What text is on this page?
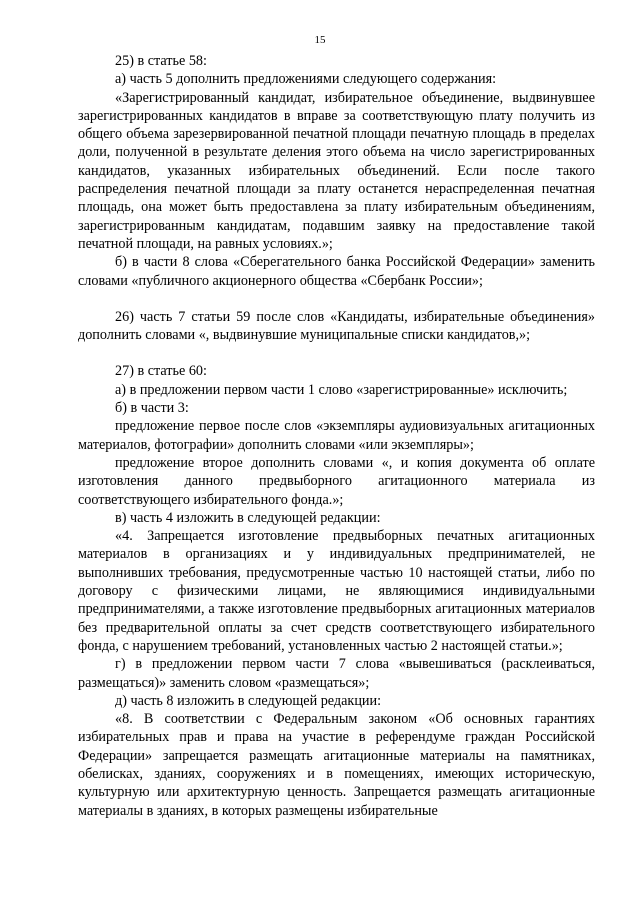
15

25) в статье 58:

а) часть 5 дополнить предложениями следующего содержания:

«Зарегистрированный кандидат, избирательное объединение, выдвинувшее зарегистрированных кандидатов в вправе за соответствующую плату получить из общего объема зарезервированной печатной площади печатную площадь в пределах доли, полученной в результате деления этого объема на число зарегистрированных кандидатов, указанных избирательных объединений. Если после такого распределения печатной площади за плату останется нераспределенная печатная площадь, она может быть предоставлена за плату избирательным объединениям, зарегистрированным кандидатам, подавшим заявку на предоставление такой печатной площади, на равных условиях.»;

б) в части 8 слова «Сберегательного банка Российской Федерации» заменить словами «публичного акционерного общества «Сбербанк России»;

26) часть 7 статьи 59 после слов «Кандидаты, избирательные объединения» дополнить словами «, выдвинувшие муниципальные списки кандидатов,»;

27) в статье 60:

а) в предложении первом части 1 слово «зарегистрированные» исключить;

б) в части 3:

предложение первое после слов «экземпляры аудиовизуальных агитационных материалов, фотографии» дополнить словами «или экземпляры»;

предложение второе дополнить словами «, и копия документа об оплате изготовления данного предвыборного агитационного материала из соответствующего избирательного фонда.»;

в) часть 4 изложить в следующей редакции:

«4. Запрещается изготовление предвыборных печатных агитационных материалов в организациях и у индивидуальных предпринимателей, не выполнивших требования, предусмотренные частью 10 настоящей статьи, либо по договору с физическими лицами, не являющимися индивидуальными предпринимателями, а также изготовление предвыборных агитационных материалов без предварительной оплаты за счет средств соответствующего избирательного фонда, с нарушением требований, установленных частью 2 настоящей статьи.»;

г) в предложении первом части 7 слова «вывешиваться (расклеиваться, размещаться)» заменить словом «размещаться»;

д) часть 8 изложить в следующей редакции:

«8. В соответствии с Федеральным законом «Об основных гарантиях избирательных прав и права на участие в референдуме граждан Российской Федерации» запрещается размещать агитационные материалы на памятниках, обелисках, зданиях, сооружениях и в помещениях, имеющих историческую, культурную или архитектурную ценность. Запрещается размещать агитационные материалы в зданиях, в которых размещены избирательные
